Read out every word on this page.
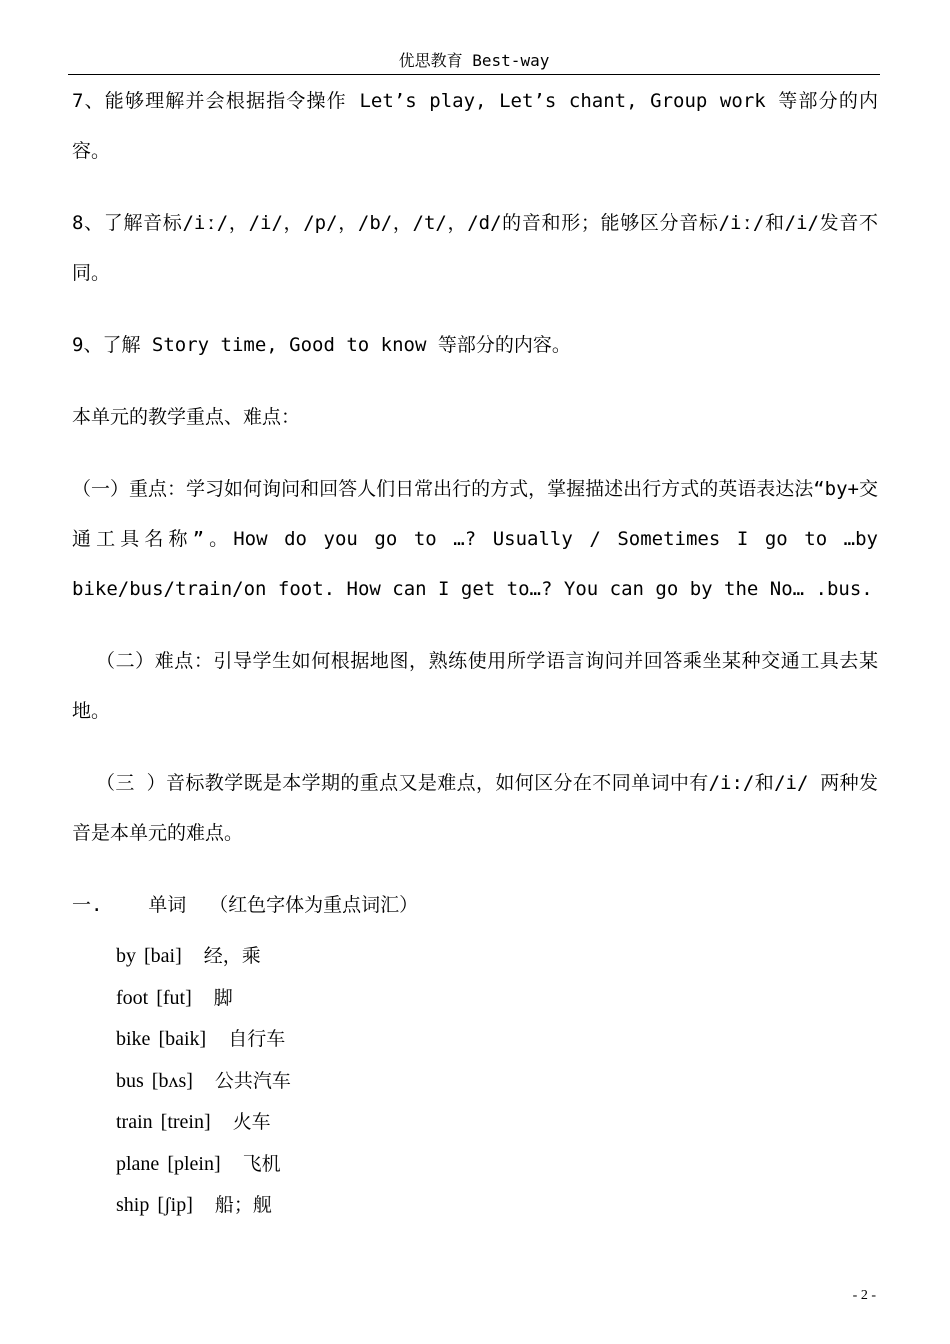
优思教育 Best-way

7、能够理解并会根据指令操作 Let’s play, Let’s chant, Group work 等部分的内容。

8、了解音标/iː/，/i/，/p/，/b/，/t/，/d/的音和形；能够区分音标/iː/和/i/发音不同。

9、了解 Story time, Good to know 等部分的内容。

本单元的教学重点、难点：

（一）重点：学习如何询问和回答人们日常出行的方式，掌握描述出行方式的英语表达法“by+交通工具名称”。How do you go to …? Usually / Sometimes I go to …by bike/bus/train/on foot. How can I get to…? You can go by the No… .bus.

（二）难点：引导学生如何根据地图，熟练使用所学语言询问并回答乘坐某种交通工具去某地。

（三 ）音标教学既是本学期的重点又是难点，如何区分在不同单词中有/i:/和/i/ 两种发音是本单元的难点。

一. 单词 （红色字体为重点词汇）
by [bai] 经，乘
foot [fut] 脚
bike [baik] 自行车
bus [bʌs] 公共汽车
train [trein] 火车
plane [plein] 飞机
ship [ʃip] 船；舰
- 2 -
